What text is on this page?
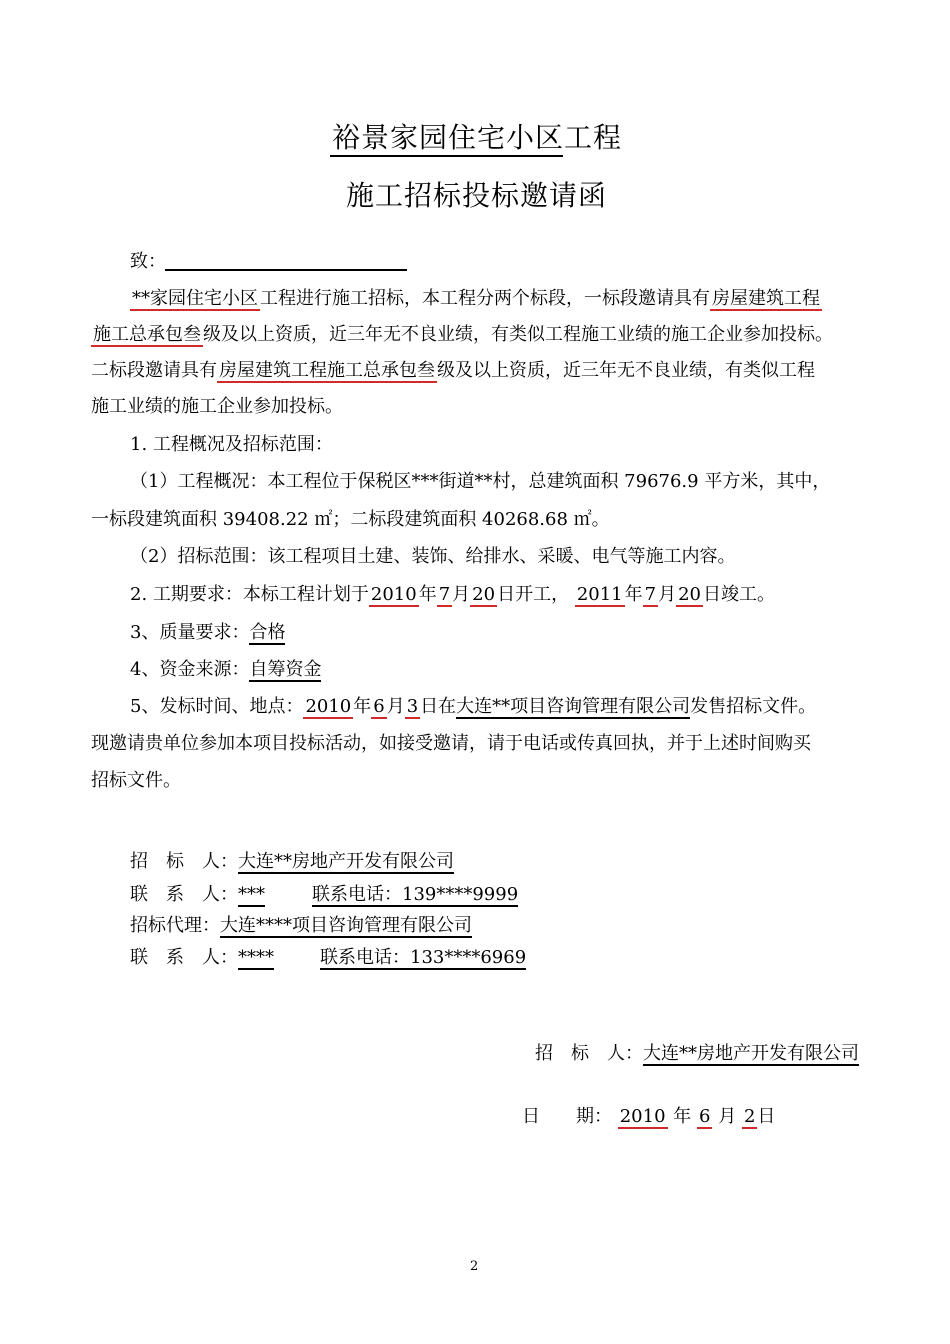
裕景家园住宅小区工程
施工招标投标邀请函
致：
**家园住宅小区 工程进行施工招标，本工程分两个标段，一标段邀请具有 房屋建筑工程
施工总承包叁 级及以上资质，近三年无不良业绩，有类似工程施工业绩的施工企业参加投标。
二标段邀请具有 房屋建筑工程施工总承包叁 级及以上资质，近三年无不良业绩，有类似工程
施工业绩的施工企业参加投标。
1. 工程概况及招标范围：
（1）工程概况：本工程位于保税区***街道**村，总建筑面积 79676.9 平方米，其中，
一标段建筑面积 39408.22 ㎡；二标段建筑面积 40268.68 ㎡。
（2）招标范围：该工程项目土建、装饰、给排水、采暖、电气等施工内容。
2. 工期要求：本标工程计划于 2010 年 7 月 20 日开工， 2011 年 7 月 20 日竣工。
3、质量要求：合格
4、资金来源：自筹资金
5、发标时间、地点： 2010 年 6 月 3 日在大连**项目咨询管理有限公司发售招标文件。
现邀请贵单位参加本项目投标活动，如接受邀请，请于电话或传真回执，并于上述时间购买
招标文件。
招　标　人：大连**房地产开发有限公司
联　系　人：***	联系电话：139****9999
招标代理：大连****项目咨询管理有限公司
联　系　人：****	联系电话：133****6969
招　标　人：大连**房地产开发有限公司
日　　期： 2010 年 6 月 2 日
2
